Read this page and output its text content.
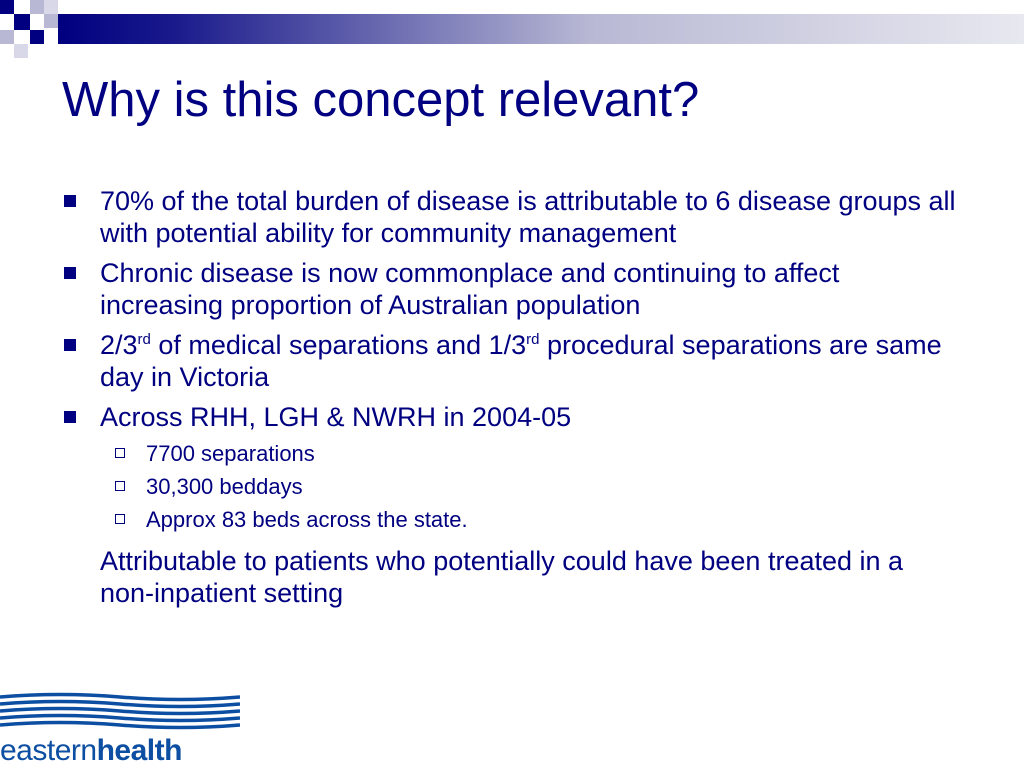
Why is this concept relevant?
70% of the total burden of disease is attributable to 6 disease groups all with potential ability for community management
Chronic disease is now commonplace and continuing to affect increasing proportion of Australian population
2/3rd of medical separations and 1/3rd procedural separations are same day in Victoria
Across RHH, LGH & NWRH in 2004-05
7700 separations
30,300 beddays
Approx 83 beds across the state.
Attributable to patients who potentially could have been treated in a non-inpatient setting
easternhealth
